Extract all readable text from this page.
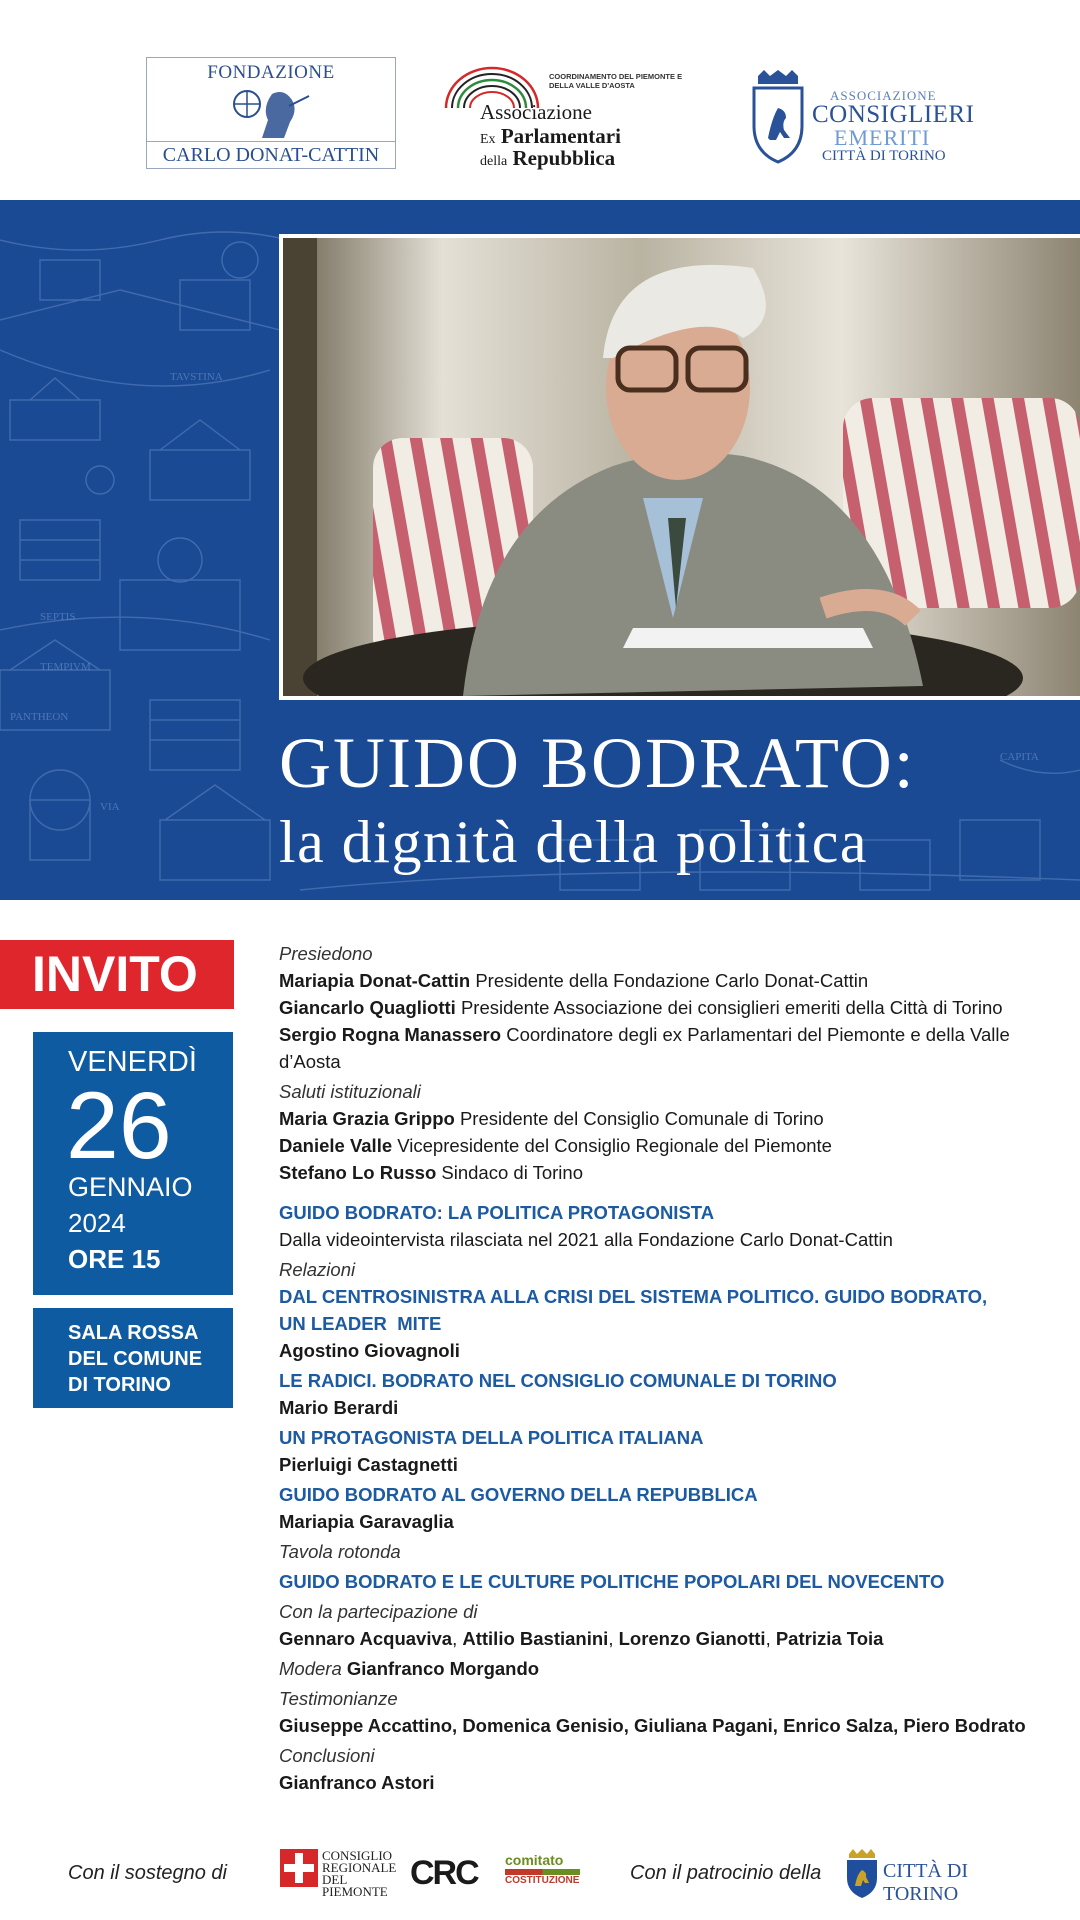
FONDAZIONE
CARLO DONAT-CATTIN
COORDINAMENTO DEL PIEMONTE E DELLA VALLE D'AOSTA
Associazione
Ex Parlamentari
della Repubblica
ASSOCIAZIONE
CONSIGLIERI
EMERITI
CITTÀ DI TORINO
TAVSTINA
SEPTIS
TEMPIVM
PANTHEON
VIA
CAPITA
GUIDO BODRATO:
la dignità della politica
INVITO
VENERDÌ
26
GENNAIO
2024
ORE 15
SALA ROSSA
DEL COMUNE
DI TORINO
Presiedono
Mariapia Donat-Cattin Presidente della Fondazione Carlo Donat-Cattin
Giancarlo Quagliotti Presidente Associazione dei consiglieri emeriti della Città di Torino
Sergio Rogna Manassero Coordinatore degli ex Parlamentari del Piemonte e della Valle d’Aosta
Saluti istituzionali
Maria Grazia Grippo Presidente del Consiglio Comunale di Torino
Daniele Valle Vicepresidente del Consiglio Regionale del Piemonte
Stefano Lo Russo Sindaco di Torino
GUIDO BODRATO: LA POLITICA PROTAGONISTA
Dalla videointervista rilasciata nel 2021 alla Fondazione Carlo Donat-Cattin
Relazioni
DAL CENTROSINISTRA ALLA CRISI DEL SISTEMA POLITICO. GUIDO BODRATO,
UN LEADER  MITE
Agostino Giovagnoli
LE RADICI. BODRATO NEL CONSIGLIO COMUNALE DI TORINO
Mario Berardi
UN PROTAGONISTA DELLA POLITICA ITALIANA
Pierluigi Castagnetti
GUIDO BODRATO AL GOVERNO DELLA REPUBBLICA
Mariapia Garavaglia
Tavola rotonda
GUIDO BODRATO E LE CULTURE POLITICHE POPOLARI DEL NOVECENTO
Con la partecipazione di
Gennaro Acquaviva, Attilio Bastianini, Lorenzo Gianotti, Patrizia Toia
Modera Gianfranco Morgando
Testimonianze
Giuseppe Accattino, Domenica Genisio, Giuliana Pagani, Enrico Salza, Piero Bodrato
Conclusioni
Gianfranco Astori
Con il sostegno di
CONSIGLIO
REGIONALE
DEL PIEMONTE CRC comitato
COSTITUZIONE	Con il patrocinio della	CITTÀ DI TORINO
